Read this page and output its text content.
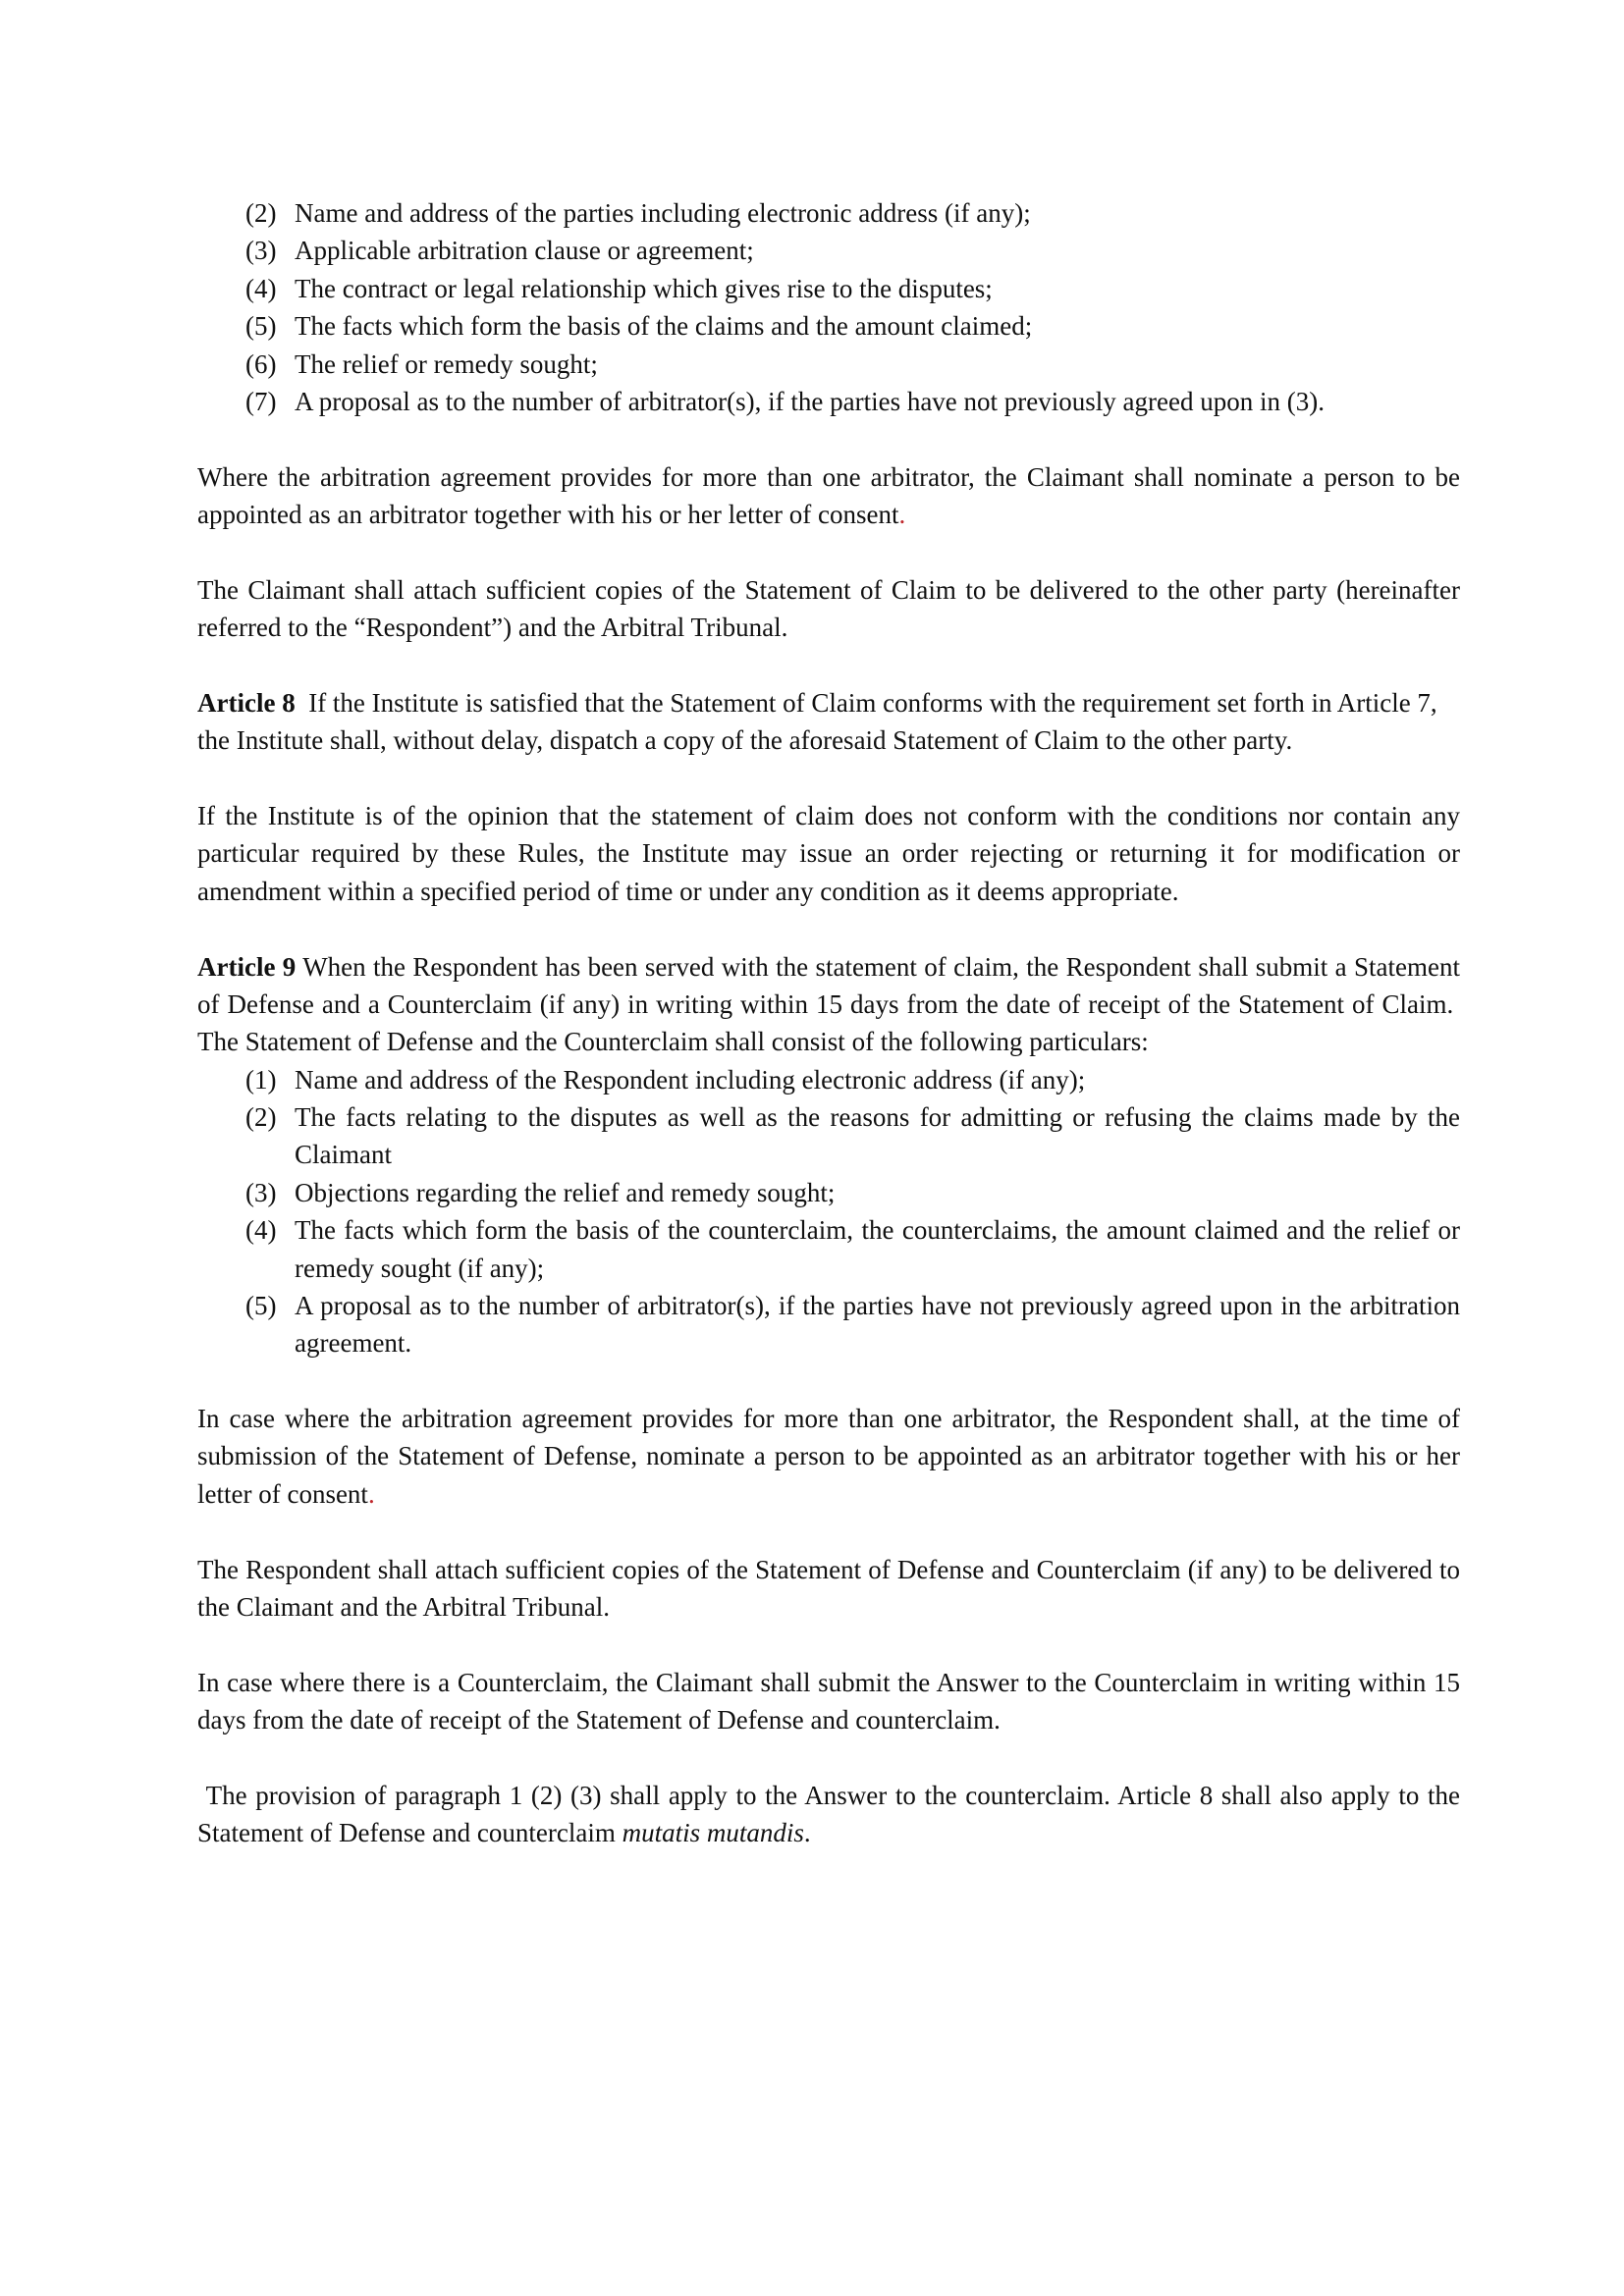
(2) Name and address of the parties including electronic address (if any);
(3) Applicable arbitration clause or agreement;
(4) The contract or legal relationship which gives rise to the disputes;
(5) The facts which form the basis of the claims and the amount claimed;
(6) The relief or remedy sought;
(7) A proposal as to the number of arbitrator(s), if the parties have not previously agreed upon in (3).

Where the arbitration agreement provides for more than one arbitrator, the Claimant shall nominate a person to be appointed as an arbitrator together with his or her letter of consent.

The Claimant shall attach sufficient copies of the Statement of Claim to be delivered to the other party (hereinafter referred to the “Respondent”) and the Arbitral Tribunal.

Article 8  If the Institute is satisfied that the Statement of Claim conforms with the requirement set forth in Article 7, the Institute shall, without delay, dispatch a copy of the aforesaid Statement of Claim to the other party.

If the Institute is of the opinion that the statement of claim does not conform with the conditions nor contain any particular required by these Rules, the Institute may issue an order rejecting or returning it for modification or amendment within a specified period of time or under any condition as it deems appropriate.

Article 9 When the Respondent has been served with the statement of claim, the Respondent shall submit a Statement of Defense and a Counterclaim (if any) in writing within 15 days from the date of receipt of the Statement of Claim.  The Statement of Defense and the Counterclaim shall consist of the following particulars:

(1) Name and address of the Respondent including electronic address (if any);
(2) The facts relating to the disputes as well as the reasons for admitting or refusing the claims made by the Claimant
(3) Objections regarding the relief and remedy sought;
(4) The facts which form the basis of the counterclaim, the counterclaims, the amount claimed and the relief or remedy sought (if any);
(5) A proposal as to the number of arbitrator(s), if the parties have not previously agreed upon in the arbitration agreement.

In case where the arbitration agreement provides for more than one arbitrator, the Respondent shall, at the time of submission of the Statement of Defense, nominate a person to be appointed as an arbitrator together with his or her letter of consent.

The Respondent shall attach sufficient copies of the Statement of Defense and Counterclaim (if any) to be delivered to the Claimant and the Arbitral Tribunal.

In case where there is a Counterclaim, the Claimant shall submit the Answer to the Counterclaim in writing within 15 days from the date of receipt of the Statement of Defense and counterclaim.

The provision of paragraph 1 (2) (3) shall apply to the Answer to the counterclaim. Article 8 shall also apply to the Statement of Defense and counterclaim mutatis mutandis.
